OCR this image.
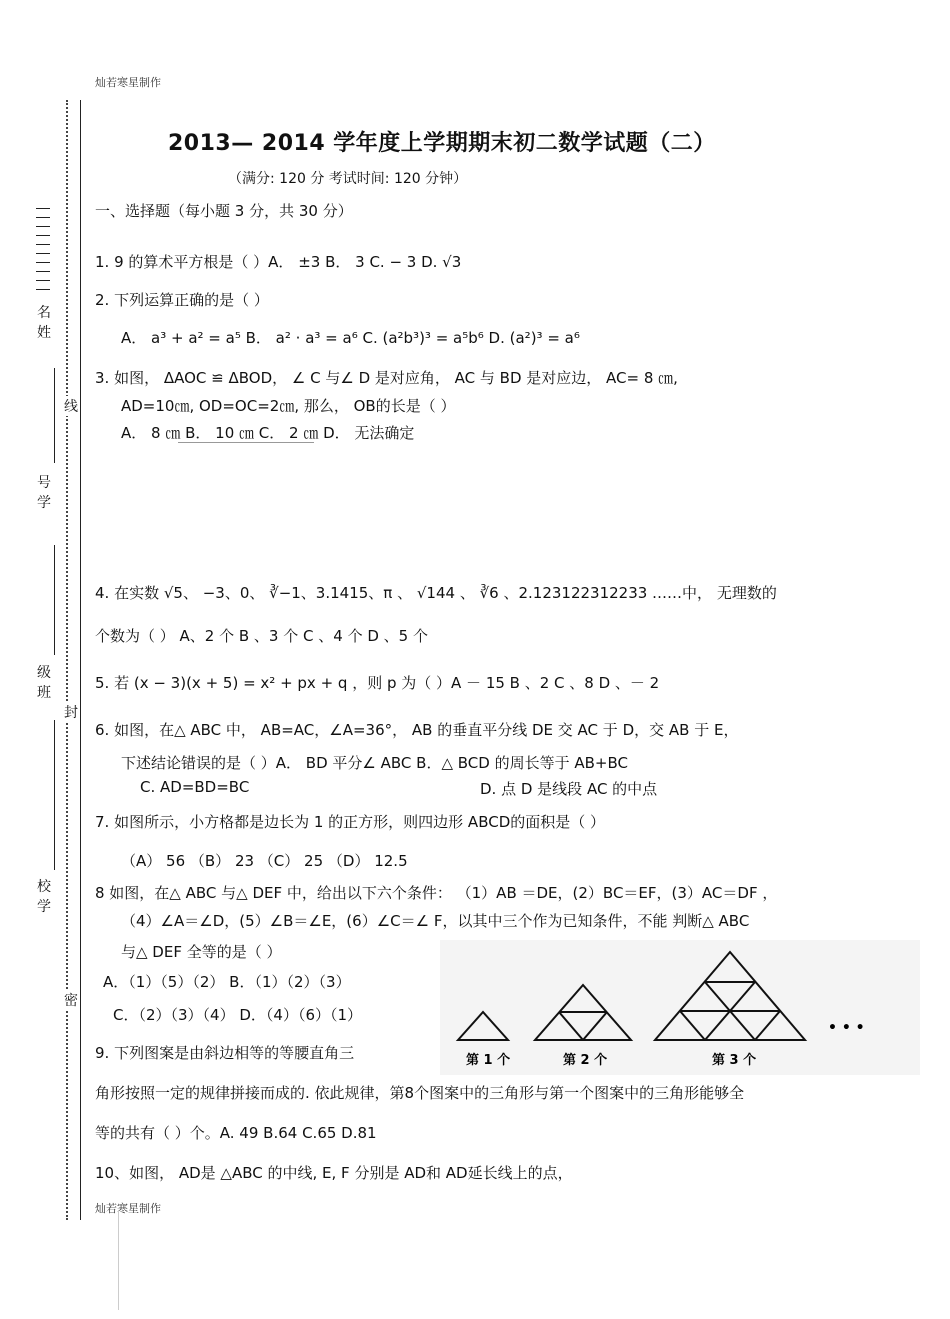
灿若寒星制作
灿若寒星制作
名
姓
号
学
级
班
校
学
线
封
密
2013— 2014 学年度上学期期末初二数学试题（二）
（满分: 120 分 考试时间: 120 分钟）
一、选择题（每小题 3 分，共 30 分）
1. 9 的算术平方根是（ ）A． ±3 B． 3 C. − 3 D. √3
2. 下列运算正确的是（ ）
A． a³ + a² = a⁵ B． a² · a³ = a⁶ C. (a²b³)³ = a⁵b⁶ D. (a²)³ = a⁶
3. 如图， ΔAOC ≌ ΔBOD， ∠ C 与∠ D 是对应角， AC 与 BD 是对应边， AC= 8 ㎝,
AD=10㎝, OD=OC=2㎝, 那么， OB的长是（ ）
A． 8 ㎝ B． 10 ㎝ C． 2 ㎝ D． 无法确定
4. 在实数 √5、 −3、0、 ∛−1、3.1415、π 、 √144 、 ∛6 、2.123122312233 ……中， 无理数的
个数为（ ） A、2 个 B 、3 个 C 、4 个 D 、5 个
5. 若 (x − 3)(x + 5) = x² + px + q ，则 p 为（ ）A － 15 B 、2 C 、8 D 、－ 2
6. 如图，在△ ABC 中， AB=AC，∠A=36°， AB 的垂直平分线 DE 交 AC 于 D，交 AB 于 E，
下述结论错误的是（ ）A． BD 平分∠ ABC B．△ BCD 的周长等于 AB+BC
C. AD=BD=BC	D. 点 D 是线段 AC 的中点
7. 如图所示，小方格都是边长为 1 的正方形，则四边形 ABCD的面积是（ ）
（A） 56 （B） 23 （C） 25 （D） 12.5
8 如图，在△ ABC 与△ DEF 中，给出以下六个条件： （1）AB ＝DE，(2）BC＝EF，(3）AC＝DF ，
（4）∠A＝∠D，(5）∠B＝∠E，(6）∠C＝∠ F，以其中三个作为已知条件，不能 判断△ ABC
与△ DEF 全等的是（ ）
A．（1）（5）（2） B．（1）（2）（3）
C．（2）（3）（4） D．（4）（6）（1）
9. 下列图案是由斜边相等的等腰直角三
角形按照一定的规律拼接而成的. 依此规律，第8个图案中的三角形与第一个图案中的三角形能够全
等的共有（ ）个。A. 49 B.64 C.65 D.81
10、如图， AD是 △ABC 的中线, E, F 分别是 AD和 AD延长线上的点，
第 1 个	第 2 个	第 3 个
• • •
